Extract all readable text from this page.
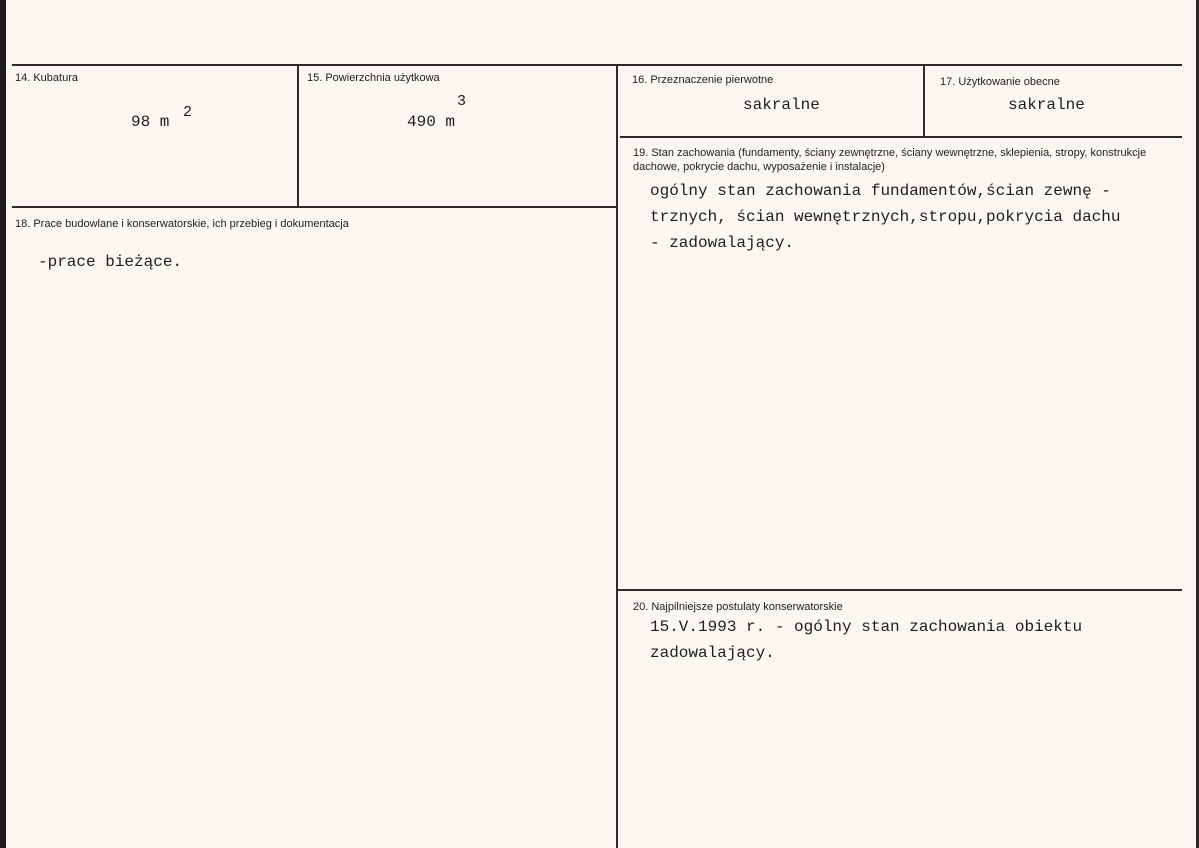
14. Kubatura
98 m
2
15. Powierzchnia użytkowa
490 m
3
16. Przeznaczenie pierwotne
sakralne
17. Użytkowanie obecne
sakralne
18. Prace budowlane i konserwatorskie, ich przebieg i dokumentacja
-prace bieżące.
19. Stan zachowania (fundamenty, ściany zewnętrzne, ściany wewnętrzne, sklepienia, stropy, konstrukcje dachowe, pokrycie dachu, wyposażenie i instalacje)
ogólny stan zachowania fundamentów,ścian zewnę -
trznych, ścian wewnętrznych,stropu,pokrycia dachu
- zadowalający.
20. Najpilniejsze postulaty konserwatorskie
15.V.1993 r. - ogólny stan zachowania obiektu
zadowalający.
